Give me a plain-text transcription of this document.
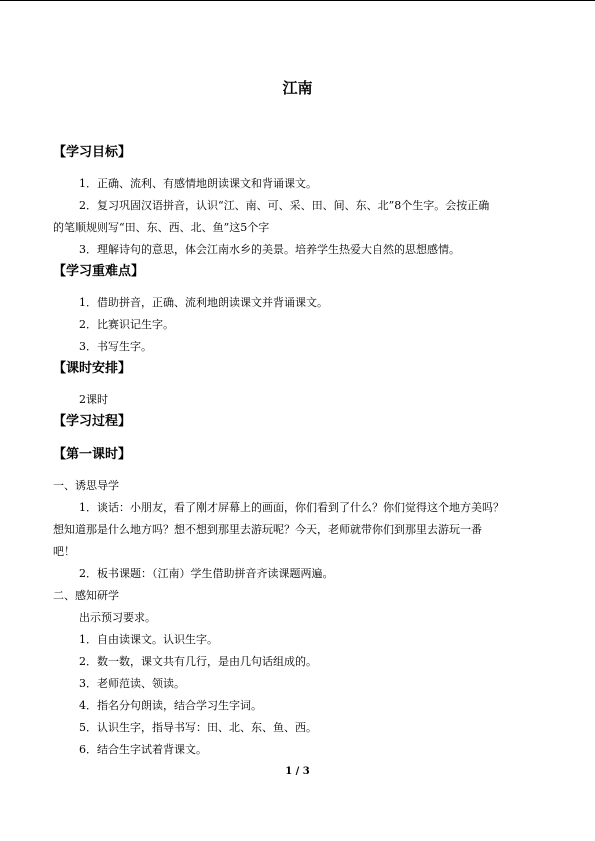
江南
【学习目标】
1．正确、流利、有感情地朗读课文和背诵课文。
2．复习巩固汉语拼音，认识“江、南、可、采、田、间、东、北”8个生字。会按正确
的笔顺规则写“田、东、西、北、鱼”这5个字
3．理解诗句的意思，体会江南水乡的美景。培养学生热爱大自然的思想感情。
【学习重难点】
1．借助拼音，正确、流利地朗读课文并背诵课文。
2．比赛识记生字。
3．书写生字。
【课时安排】
2课时
【学习过程】
【第一课时】
一、诱思导学
1．谈话：小朋友，看了刚才屏幕上的画面，你们看到了什么？你们觉得这个地方美吗？
想知道那是什么地方吗？想不想到那里去游玩呢？今天，老师就带你们到那里去游玩一番
吧！
2．板书课题：（江南）学生借助拼音齐读课题两遍。
二、感知研学
出示预习要求。
1．自由读课文。认识生字。
2．数一数，课文共有几行，是由几句话组成的。
3．老师范读、领读。
4．指名分句朗读，结合学习生字词。
5．认识生字，指导书写：田、北、东、鱼、西。
6．结合生字试着背课文。
1 / 3
